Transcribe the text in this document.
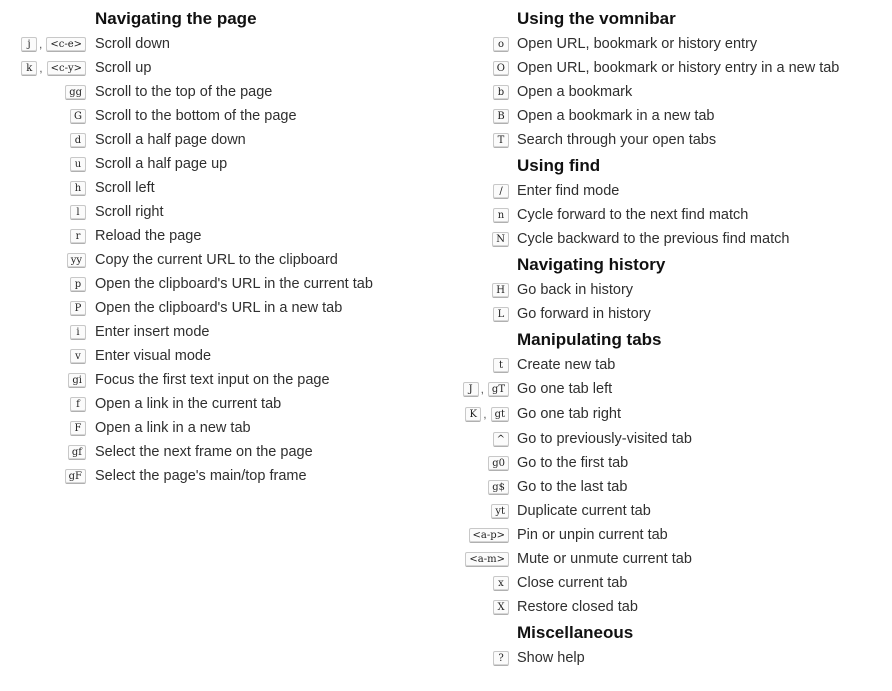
Navigating the page
j , <c-e> Scroll down
k , <c-y> Scroll up
gg Scroll to the top of the page
G Scroll to the bottom of the page
d Scroll a half page down
u Scroll a half page up
h Scroll left
l	Scroll right
r	Reload the page
yy Copy the current URL to the clipboard
p Open the clipboard's URL in the current tab
P Open the clipboard's URL in a new tab
i	Enter insert mode
v Enter visual mode
gi Focus the first text input on the page
f	Open a link in the current tab
F Open a link in a new tab
gf Select the next frame on the page
gF Select the page's main/top frame
Using the vomnibar
o Open URL, bookmark or history entry
O Open URL, bookmark or history entry in a new tab
b Open a bookmark
B Open a bookmark in a new tab
T Search through your open tabs
Using find
/ Enter find mode
n Cycle forward to the next find match
N Cycle backward to the previous find match
Navigating history
H Go back in history
L Go forward in history
Manipulating tabs
t Create new tab
J , gT Go one tab left
K , gt Go one tab right
^ Go to previously-visited tab
g0 Go to the first tab
g$ Go to the last tab
yt Duplicate current tab
<a-p> Pin or unpin current tab
<a-m> Mute or unmute current tab
x Close current tab
X Restore closed tab
Miscellaneous
? Show help
